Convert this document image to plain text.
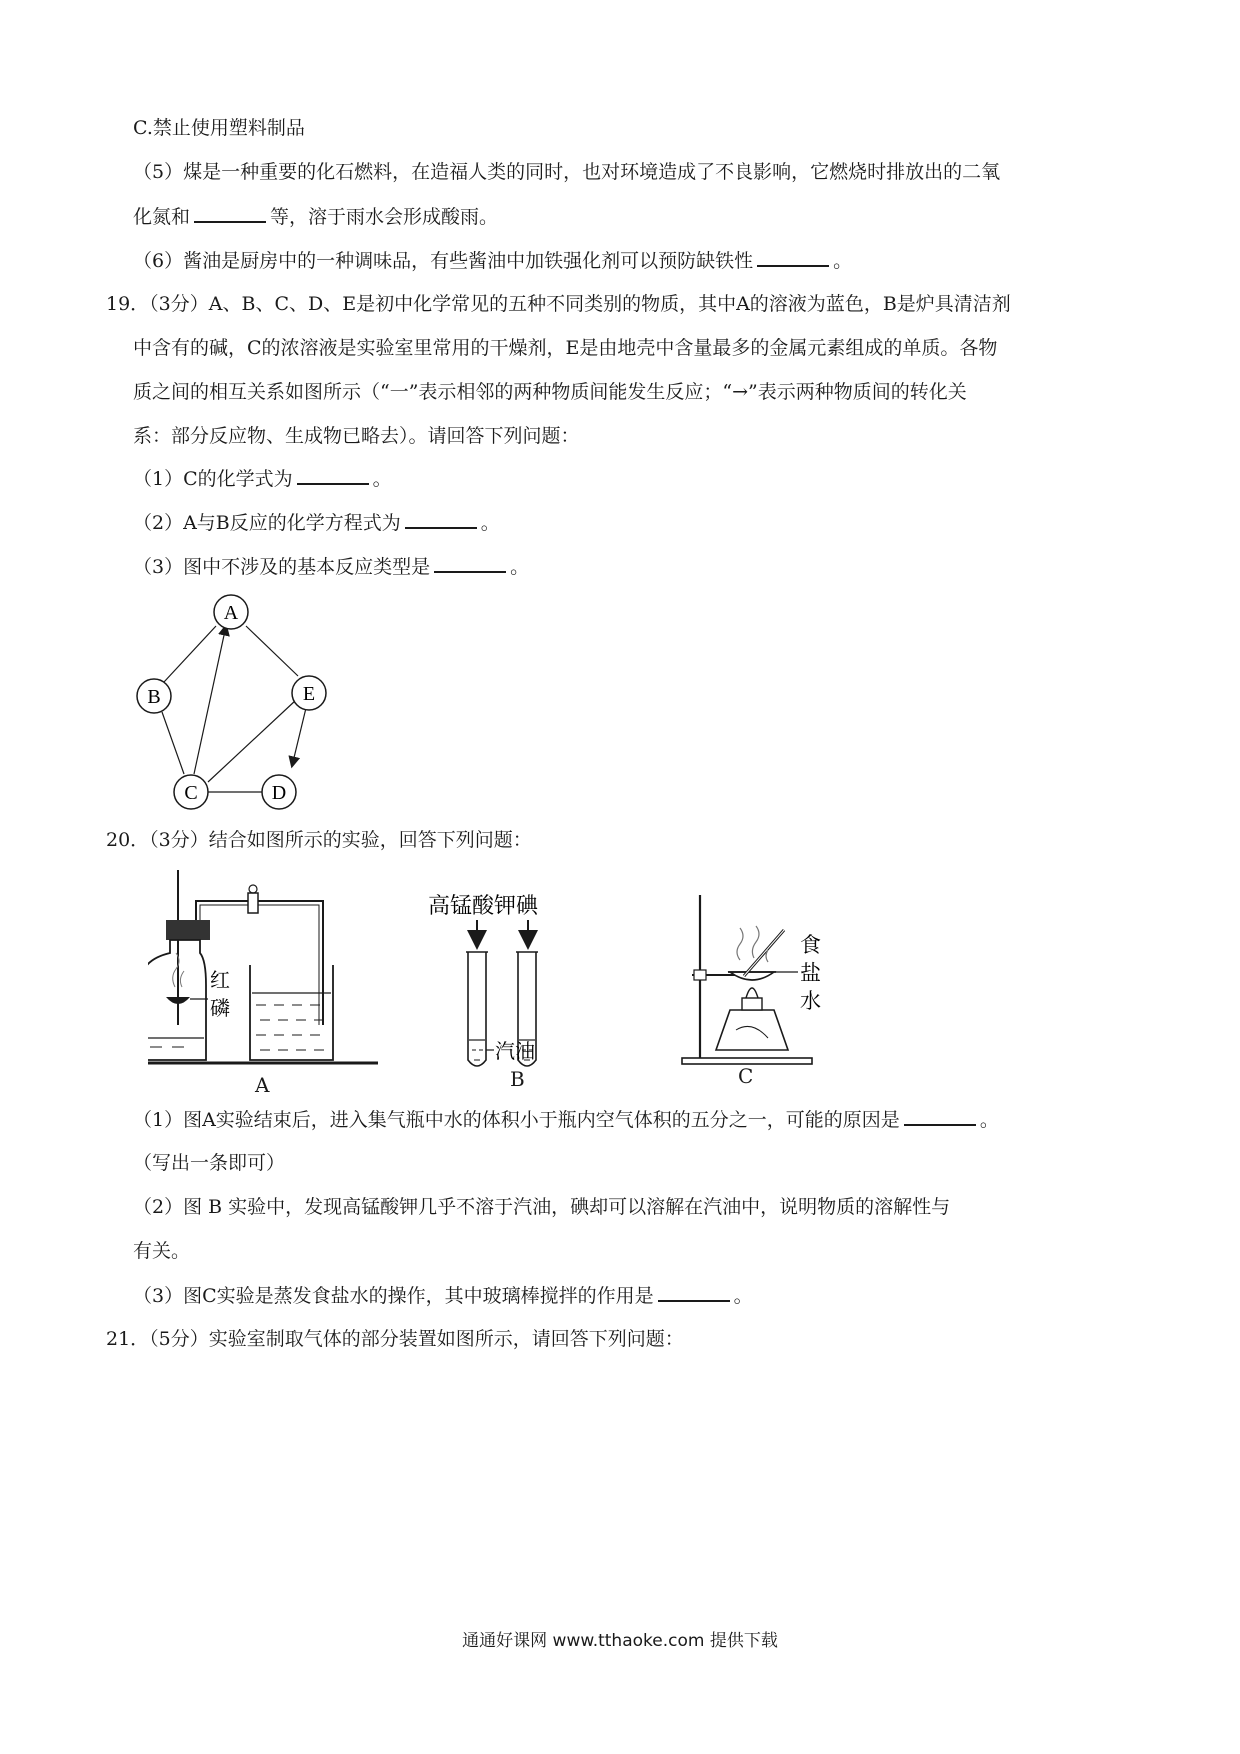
C.禁止使用塑料制品
（5）煤是一种重要的化石燃料，在造福人类的同时，也对环境造成了不良影响，它燃烧时排放出的二氧
化氮和	等，溶于雨水会形成酸雨。
（6）酱油是厨房中的一种调味品，有些酱油中加铁强化剂可以预防缺铁性	。
19．（3分）A、B、C、D、E是初中化学常见的五种不同类别的物质，其中A的溶液为蓝色，B是炉具清洁剂
中含有的碱，C的浓溶液是实验室里常用的干燥剂，E是由地壳中含量最多的金属元素组成的单质。各物
质之间的相互关系如图所示（“一”表示相邻的两种物质间能发生反应；“→”表示两种物质间的转化关
系：部分反应物、生成物已略去）。请回答下列问题：
（1）C的化学式为	。
（2）A与B反应的化学方程式为	。
（3）图中不涉及的基本反应类型是	。
A
B	E
C	D
20．（3分）结合如图所示的实验，回答下列问题：
红
磷
A
高锰酸钾 碘
汽油
B
食
盐
水
C
（1）图A实验结束后，进入集气瓶中水的体积小于瓶内空气体积的五分之一，可能的原因是	。
（写出一条即可）
（2）图 B 实验中，发现高锰酸钾几乎不溶于汽油，碘却可以溶解在汽油中，说明物质的溶解性与
有关。
（3）图C实验是蒸发食盐水的操作，其中玻璃棒搅拌的作用是	。
21．（5分）实验室制取气体的部分装置如图所示，请回答下列问题：
通通好课网 www.tthaoke.com 提供下载
